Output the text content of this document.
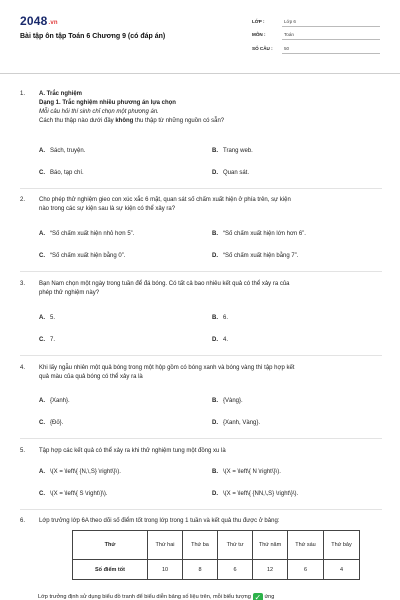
2048.vn
Bài tập ôn tập Toán 6 Chương 9 (có đáp án)
LỚP :	Lớp 6
MÔN :	Toán
SỐ CÂU : 50
1.	A. Trắc nghiệm
Dạng 1. Trắc nghiệm nhiều phương án lựa chọn
Mỗi câu hỏi thí sinh chỉ chọn một phương án.
Cách thu thập nào dưới đây không thu thập từ những nguồn có sẵn?
A. Sách, truyện.	B. Trang web.
C. Báo, tạp chí.	D. Quan sát.
2.	Cho phép thử nghiệm gieo con xúc xắc 6 mặt, quan sát số chấm xuất hiện ở phía trên, sự kiện
nào trong các sự kiện sau là sự kiện có thể xảy ra?
A. “Số chấm xuất hiện nhỏ hơn 5”.	B. “Số chấm xuất hiện lớn hơn 6”.
C. “Số chấm xuất hiện bằng 0”.	D. “Số chấm xuất hiện bằng 7”.
3.	Bạn Nam chọn một ngày trong tuần để đá bóng. Có tất cả bao nhiêu kết quả có thể xảy ra của
phép thử nghiệm này?
A. 5.	B. 6.
C. 7.	D. 4.
4.	Khi lấy ngẫu nhiên một quả bóng trong một hộp gồm có bóng xanh và bóng vàng thì tập hợp kết
quả màu của quả bóng có thể xảy ra là
A. {Xanh}.	B. {Vàng}.
C. {Đỏ}.	D. {Xanh, Vàng}.
5.	Tập hợp các kết quả có thể xảy ra khi thử nghiệm tung một đồng xu là
A. \(X = \left\{ {N,\,S} \right\}\).	B. \(X = \left\{ N \right\}\).
C. \(X = \left\{ S \right\}\).	D. \(X = \left\{ {NN,\,S} \right\}\).
6.	Lớp trưởng lớp 6A theo dõi số điểm tốt trong lớp trong 1 tuần và kết quả thu được ở bảng:
Thứ	Thứ hai	Thứ ba	Thứ tư	Thứ năm	Thứ sáu	Thứ bảy
Số điểm tốt	10	8	6	12	6	4
Lớp trưởng định sử dụng biểu đồ tranh để biểu diễn bảng số liệu trên, mỗi biểu tượng ✓ ứng
